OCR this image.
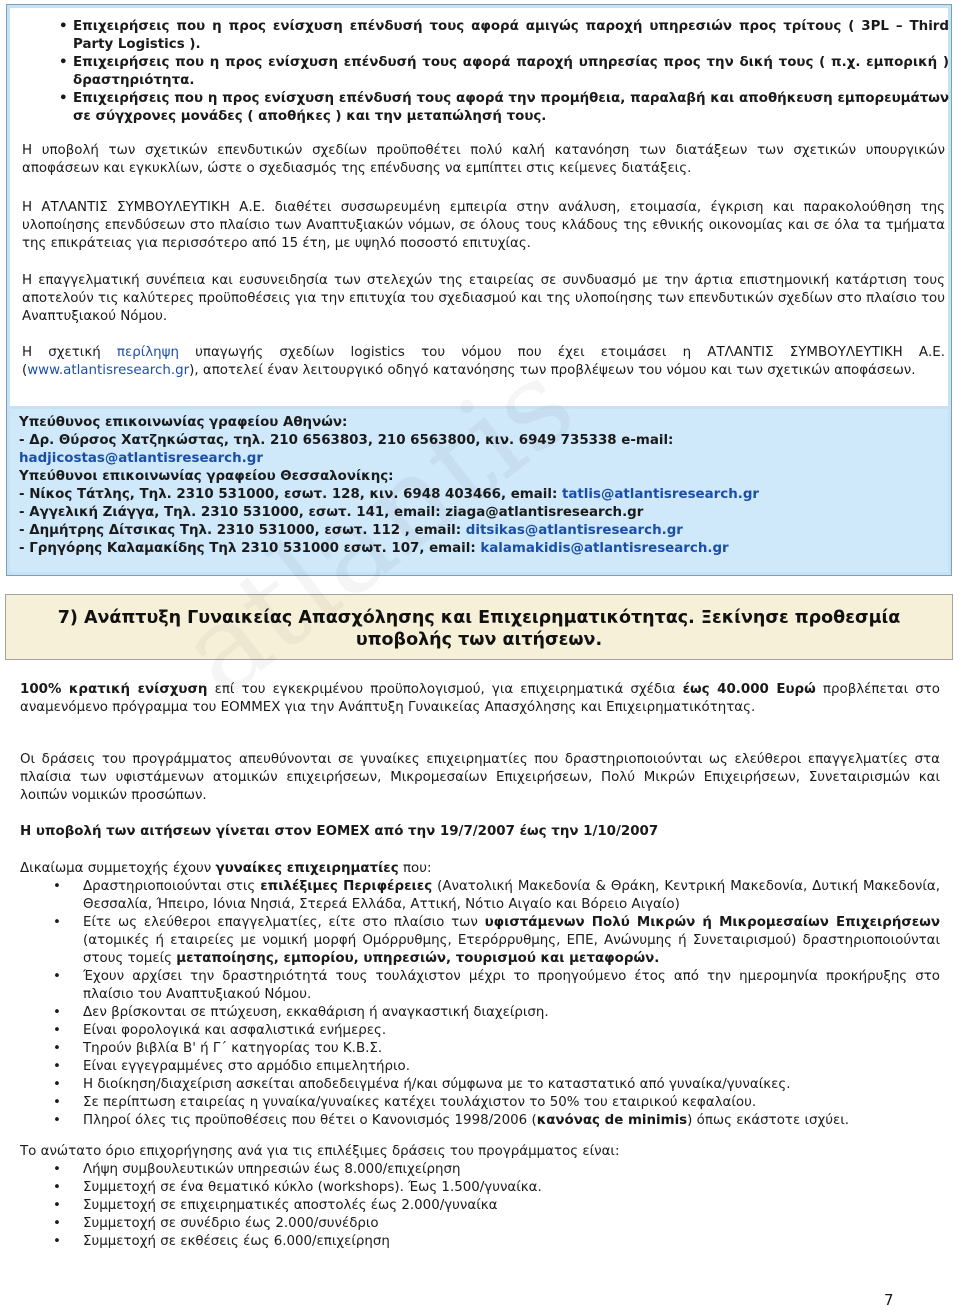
• Επιχειρήσεις που η προς ενίσχυση επένδυσή τους αφορά αμιγώς παροχή υπηρεσιών προς τρίτους ( 3PL – Third Party Logistics ).
• Επιχειρήσεις που η προς ενίσχυση επένδυσή τους αφορά παροχή υπηρεσίας προς την δική τους ( π.χ. εμπορική ) δραστηριότητα.
• Επιχειρήσεις που η προς ενίσχυση επένδυσή τους αφορά την προμήθεια, παραλαβή και αποθήκευση εμπορευμάτων σε σύγχρονες μονάδες ( αποθήκες ) και την μεταπώλησή τους.

Η υποβολή των σχετικών επενδυτικών σχεδίων προϋποθέτει πολύ καλή κατανόηση των διατάξεων των σχετικών υπουργικών αποφάσεων και εγκυκλίων, ώστε ο σχεδιασμός της επένδυσης να εμπίπτει στις κείμενες διατάξεις.

Η ΑΤΛΑΝΤΙΣ ΣΥΜΒΟΥΛΕΥΤΙΚΗ Α.Ε. διαθέτει συσσωρευμένη εμπειρία στην ανάλυση, ετοιμασία, έγκριση και παρακολούθηση της υλοποίησης επενδύσεων στο πλαίσιο των Αναπτυξιακών νόμων, σε όλους τους κλάδους της εθνικής οικονομίας και σε όλα τα τμήματα της επικράτειας για περισσότερο από 15 έτη, με υψηλό ποσοστό επιτυχίας.

Η επαγγελματική συνέπεια και ευσυνειδησία των στελεχών της εταιρείας σε συνδυασμό με την άρτια επιστημονική κατάρτιση τους αποτελούν τις καλύτερες προϋποθέσεις για την επιτυχία του σχεδιασμού και της υλοποίησης των επενδυτικών σχεδίων στο πλαίσιο του Αναπτυξιακού Νόμου.

Η σχετική περίληψη υπαγωγής σχεδίων logistics του νόμου που έχει ετοιμάσει η ΑΤΛΑΝΤΙΣ ΣΥΜΒΟΥΛΕΥΤΙΚΗ Α.Ε. (www.atlantisresearch.gr), αποτελεί έναν λειτουργικό οδηγό κατανόησης των προβλέψεων του νόμου και των σχετικών αποφάσεων.

Υπεύθυνος επικοινωνίας γραφείου Αθηνών:
- Δρ. Θύρσος Χατζηκώστας, τηλ. 210 6563803, 210 6563800, κιν. 6949 735338 e-mail:
hadjicostas@atlantisresearch.gr
Υπεύθυνοι επικοινωνίας γραφείου Θεσσαλονίκης:
- Νίκος Τάτλης, Τηλ. 2310 531000, εσωτ. 128, κιν. 6948 403466, email: tatlis@atlantisresearch.gr
- Αγγελική Ζιάγγα, Τηλ. 2310 531000, εσωτ. 141, email: ziaga@atlantisresearch.gr
- Δημήτρης Δίτσικας Τηλ. 2310 531000, εσωτ. 112 , email: ditsikas@atlantisresearch.gr
- Γρηγόρης Καλαμακίδης Τηλ 2310 531000 εσωτ. 107, email: kalamakidis@atlantisresearch.gr
7) Ανάπτυξη Γυναικείας Απασχόλησης και Επιχειρηματικότητας. Ξεκίνησε προθεσμία υποβολής των αιτήσεων.

100% κρατική ενίσχυση επί του εγκεκριμένου προϋπολογισμού, για επιχειρηματικά σχέδια έως 40.000 Ευρώ προβλέπεται στο αναμενόμενο πρόγραμμα του ΕΟΜΜΕΧ για την Ανάπτυξη Γυναικείας Απασχόλησης και Επιχειρηματικότητας.

Οι δράσεις του προγράμματος απευθύνονται σε γυναίκες επιχειρηματίες που δραστηριοποιούνται ως ελεύθεροι επαγγελματίες στα πλαίσια των υφιστάμενων ατομικών επιχειρήσεων, Μικρομεσαίων Επιχειρήσεων, Πολύ Μικρών Επιχειρήσεων, Συνεταιρισμών και λοιπών νομικών προσώπων.

Η υποβολή των αιτήσεων γίνεται στον ΕΟΜΕΧ από την 19/7/2007 έως την 1/10/2007

Δικαίωμα συμμετοχής έχουν γυναίκες επιχειρηματίες που:

• Δραστηριοποιούνται στις επιλέξιμες Περιφέρειες (Ανατολική Μακεδονία & Θράκη, Κεντρική Μακεδονία, Δυτική Μακεδονία, Θεσσαλία, Ήπειρο, Ιόνια Νησιά, Στερεά Ελλάδα, Αττική, Νότιο Αιγαίο και Βόρειο Αιγαίο)
• Είτε ως ελεύθεροι επαγγελματίες, είτε στο πλαίσιο των υφιστάμενων Πολύ Μικρών ή Μικροµεσαίων Επιχειρήσεων (ατομικές ή εταιρείες με νομική μορφή Ομόρρυθμης, Ετερόρρυθμης, ΕΠΕ, Ανώνυμης ή Συνεταιρισμού) δραστηριοποιούνται στους τομείς μεταποίησης, εμπορίου, υπηρεσιών, τουρισμού και μεταφορών.
• Έχουν αρχίσει την δραστηριότητά τους τουλάχιστον μέχρι το προηγούμενο έτος από την ημερομηνία προκήρυξης στο πλαίσιο του Αναπτυξιακού Νόμου.
• Δεν βρίσκονται σε πτώχευση, εκκαθάριση ή αναγκαστική διαχείριση.
• Είναι φορολογικά και ασφαλιστικά ενήμερες.
• Τηρούν βιβλία Β' ή Γ΄ κατηγορίας του Κ.Β.Σ.
• Είναι εγγεγραμμένες στο αρμόδιο επιμελητήριο.
• Η διοίκηση/διαχείριση ασκείται αποδεδειγμένα ή/και σύμφωνα με το καταστατικό από γυναίκα/γυναίκες.
• Σε περίπτωση εταιρείας η γυναίκα/γυναίκες κατέχει τουλάχιστον το 50% του εταιρικού κεφαλαίου.
• Πληροί όλες τις προϋποθέσεις που θέτει ο Κανονισμός 1998/2006 (κανόνας de minimis) όπως εκάστοτε ισχύει.

Το ανώτατο όριο επιχορήγησης ανά για τις επιλέξιμες δράσεις του προγράμματος είναι:

• Λήψη συμβουλευτικών υπηρεσιών έως 8.000/επιχείρηση
• Συμμετοχή σε ένα θεματικό κύκλο (workshops). Έως 1.500/γυναίκα.
• Συμμετοχή σε επιχειρηματικές αποστολές έως 2.000/γυναίκα
• Συμμετοχή σε συνέδριο έως 2.000/συνέδριο
• Συμμετοχή σε εκθέσεις έως 6.000/επιχείρηση
7
